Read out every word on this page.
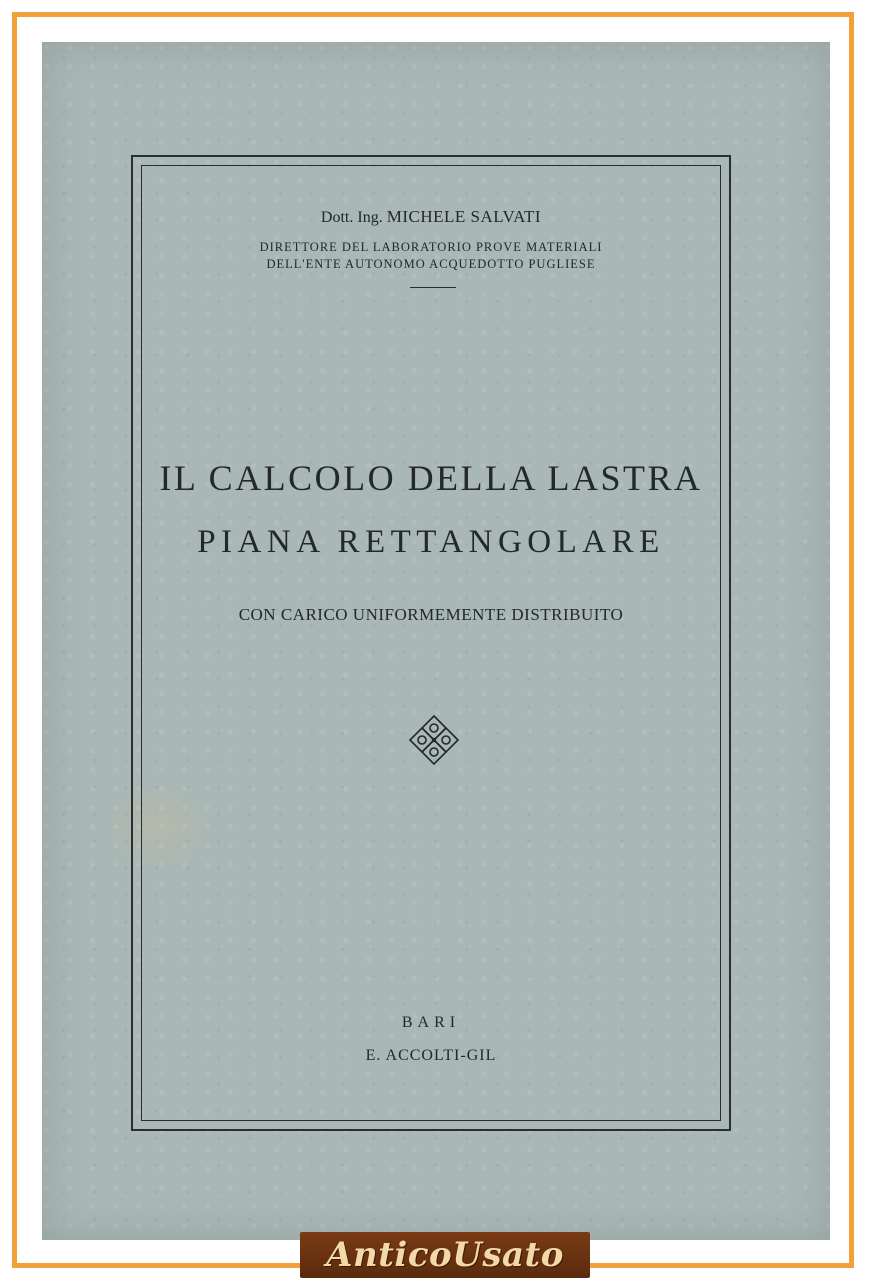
Dott. Ing. MICHELE SALVATI
DIRETTORE DEL LABORATORIO PROVE MATERIALI
DELL'ENTE AUTONOMO ACQUEDOTTO PUGLIESE
IL CALCOLO DELLA LASTRA
PIANA RETTANGOLARE
CON CARICO UNIFORMEMENTE DISTRIBUITO
BARI
E. ACCOLTI-GIL
AnticoUsato
